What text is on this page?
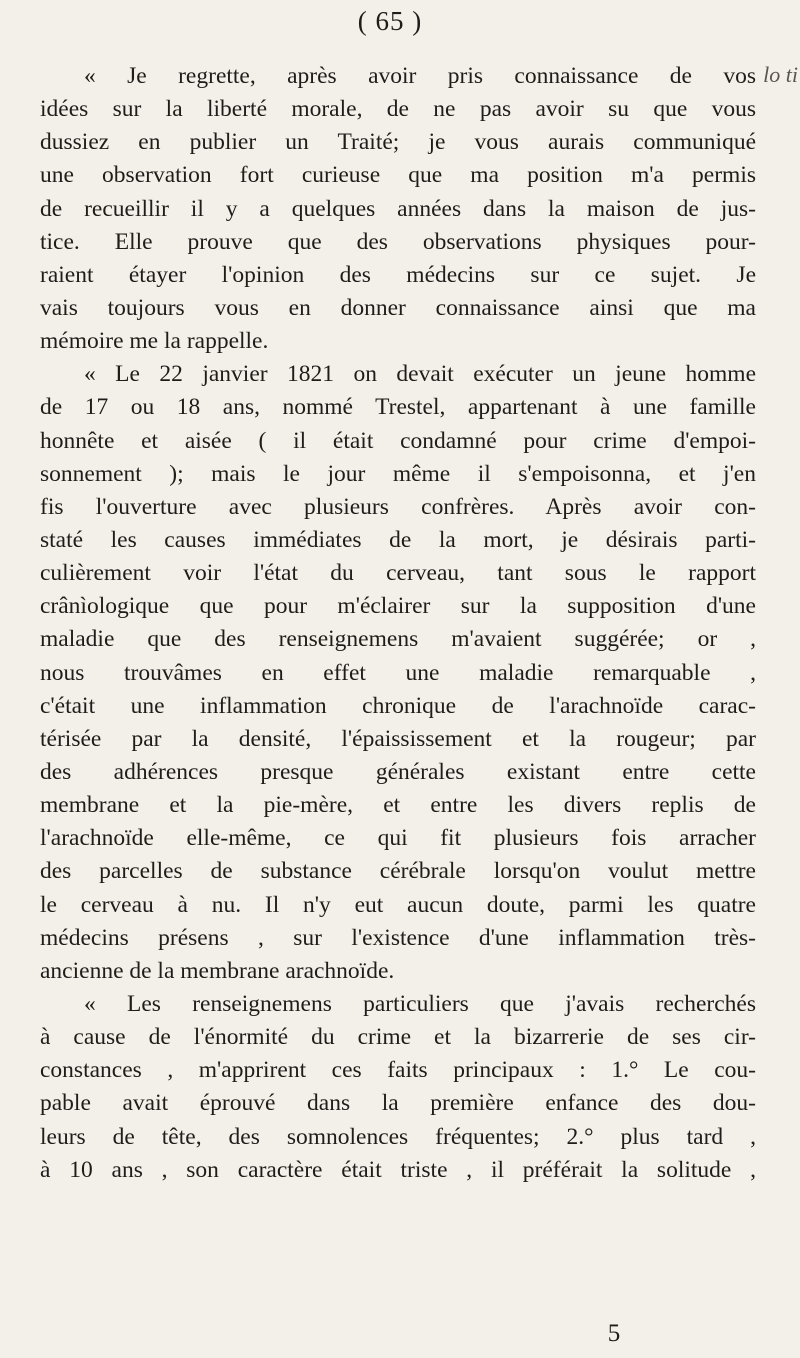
( 65 )
lo ti
« Je regrette, après avoir pris connaissance de vos
idées sur la liberté morale, de ne pas avoir su que vous
dussiez en publier un Traité; je vous aurais communiqué
une observation fort curieuse que ma position m'a permis
de recueillir il y a quelques années dans la maison de jus-
tice. Elle prouve que des observations physiques pour-
raient étayer l'opinion des médecins sur ce sujet. Je
vais toujours vous en donner connaissance ainsi que ma
mémoire me la rappelle.
« Le 22 janvier 1821 on devait exécuter un jeune homme
de 17 ou 18 ans, nommé Trestel, appartenant à une famille
honnête et aisée ( il était condamné pour crime d'empoi-
sonnement ); mais le jour même il s'empoisonna, et j'en
fis l'ouverture avec plusieurs confrères. Après avoir con-
staté les causes immédiates de la mort, je désirais parti-
culièrement voir l'état du cerveau, tant sous le rapport
crânìologique que pour m'éclairer sur la supposition d'une
maladie que des renseignemens m'avaient suggérée; or ,
nous trouvâmes en effet une maladie remarquable ,
c'était une inflammation chronique de l'arachnoïde carac-
térisée par la densité, l'épaississement et la rougeur; par
des adhérences presque générales existant entre cette
membrane et la pie-mère, et entre les divers replis de
l'arachnoïde elle-même, ce qui fit plusieurs fois arracher
des parcelles de substance cérébrale lorsqu'on voulut mettre
le cerveau à nu. Il n'y eut aucun doute, parmi les quatre
médecins présens , sur l'existence d'une inflammation très-
ancienne de la membrane arachnoïde.
« Les renseignemens particuliers que j'avais recherchés
à cause de l'énormité du crime et la bizarrerie de ses cir-
constances , m'apprirent ces faits principaux : 1.° Le cou-
pable avait éprouvé dans la première enfance des dou-
leurs de tête, des somnolences fréquentes; 2.° plus tard ,
à 10 ans , son caractère était triste , il préférait la solitude ,
5
